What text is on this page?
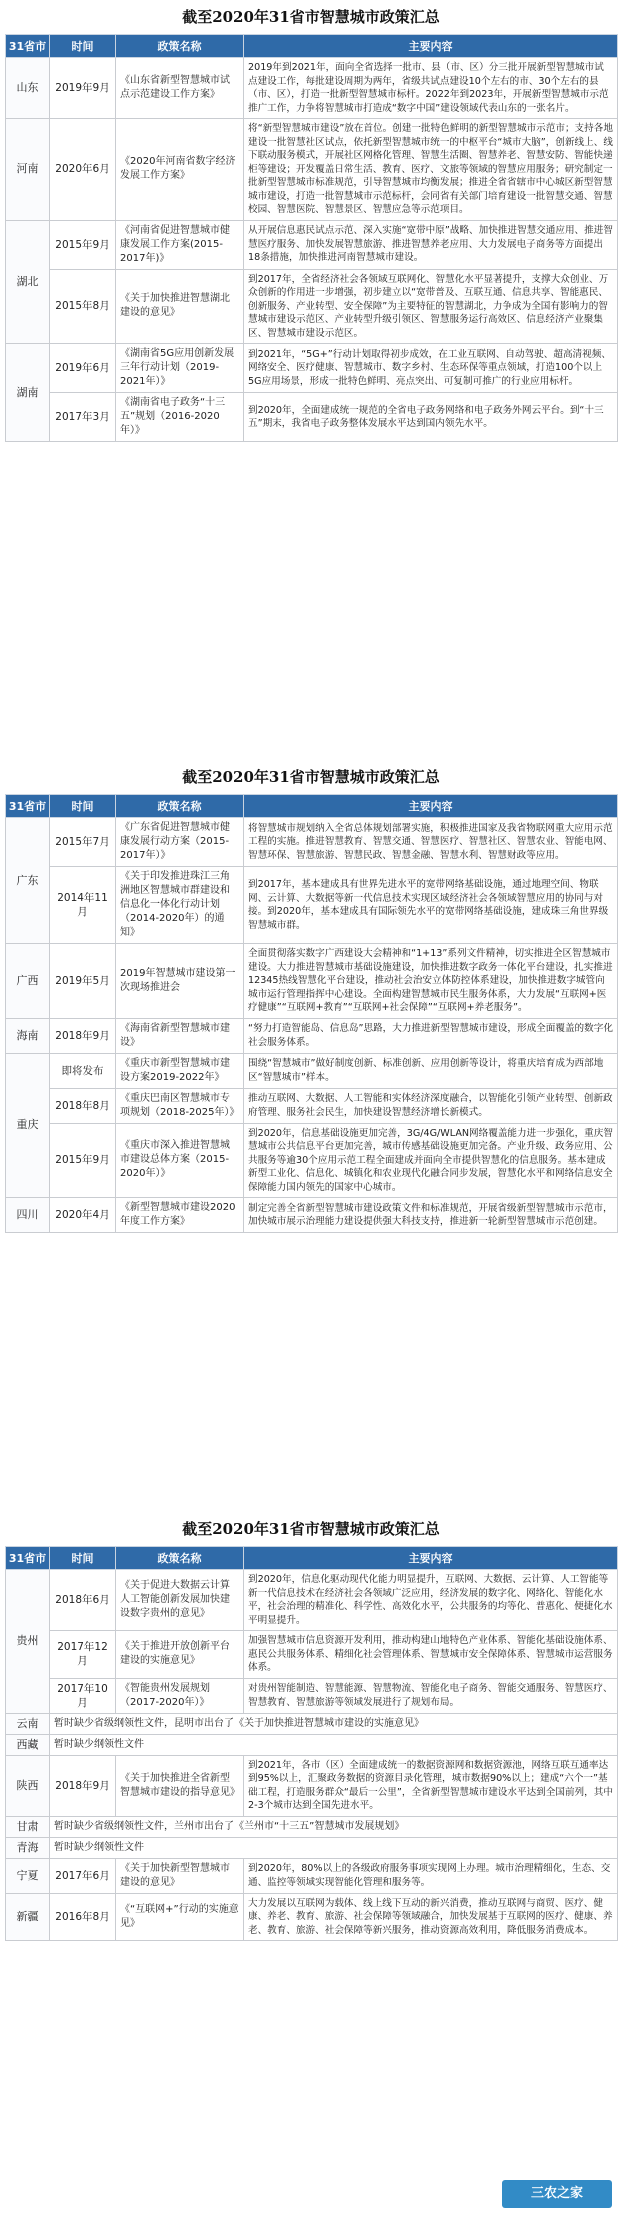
截至2020年31省市智慧城市政策汇总
31省市	时间	政策名称	主要内容
山东	2019年9月	《山东省新型智慧城市试点示范建设工作方案》	2019年到2021年，面向全省选择一批市、县（市、区）分三批开展新型智慧城市试点建设工作，每批建设周期为两年，省级共试点建设10个左右的市、30个左右的县（市、区），打造一批新型智慧城市标杆。2022年到2023年，开展新型智慧城市示范推广工作，力争将智慧城市打造成“数字中国”建设领域代表山东的一张名片。
河南	2020年6月	《2020年河南省数字经济发展工作方案》	将“新型智慧城市建设”放在首位。创建一批特色鲜明的新型智慧城市示范市；支持各地建设一批智慧社区试点，依托新型智慧城市统一的中枢平台“城市大脑”，创新线上、线下联动服务模式，开展社区网格化管理、智慧生活圈、智慧养老、智慧安防、智能快递柜等建设；开发覆盖日常生活、教育、医疗、文旅等领域的智慧应用服务；研究制定一批新型智慧城市标准规范，引导智慧城市均衡发展；推进全省省辖市中心城区新型智慧城市建设，打造一批智慧城市示范标杆，会同省有关部门培育建设一批智慧交通、智慧校园、智慧医院、智慧景区、智慧应急等示范项目。
湖北	2015年9月	《河南省促进智慧城市健康发展工作方案(2015-2017年)》	从开展信息惠民试点示范、深入实施“宽带中原”战略、加快推进智慧交通应用、推进智慧医疗服务、加快发展智慧旅游、推进智慧养老应用、大力发展电子商务等方面提出18条措施，加快推进河南智慧城市建设。
	2015年8月	《关于加快推进智慧湖北建设的意见》	到2017年，全省经济社会各领域互联网化、智慧化水平显著提升，支撑大众创业、万众创新的作用进一步增强，初步建立以“宽带普及、互联互通、信息共享、智能惠民、创新服务、产业转型、安全保障”为主要特征的智慧湖北，力争成为全国有影响力的智慧城市建设示范区、产业转型升级引领区、智慧服务运行高效区、信息经济产业聚集区、智慧城市建设示范区。
湖南	2019年6月	《湖南省5G应用创新发展三年行动计划（2019-2021年）》	到2021年，“5G+”行动计划取得初步成效，在工业互联网、自动驾驶、超高清视频、网络安全、医疗健康、智慧城市、数字乡村、生态环保等重点领域，打造100个以上5G应用场景，形成一批特色鲜明、亮点突出、可复制可推广的行业应用标杆。
	2017年3月	《湖南省电子政务“十三五”规划（2016-2020年）》	到2020年，全面建成统一规范的全省电子政务网络和电子政务外网云平台。到“十三五”期末，我省电子政务整体发展水平达到国内领先水平。
截至2020年31省市智慧城市政策汇总
31省市	时间	政策名称	主要内容
广东	2015年7月	《广东省促进智慧城市健康发展行动方案（2015-2017年）》	将智慧城市规划纳入全省总体规划部署实施，积极推进国家及我省物联网重大应用示范工程的实施。推进智慧教育、智慧交通、智慧医疗、智慧社区、智慧农业、智能电网、智慧环保、智慧旅游、智慧民政、智慧金融、智慧水利、智慧财政等应用。
	2014年11月	《关于印发推进珠江三角洲地区智慧城市群建设和信息化一体化行动计划（2014-2020年）的通知》	到2017年，基本建成具有世界先进水平的宽带网络基础设施，通过地理空间、物联网、云计算、大数据等新一代信息技术实现区域经济社会各领域智慧应用的协同与对接。到2020年，基本建成具有国际领先水平的宽带网络基础设施，建成珠三角世界级智慧城市群。
广西	2019年5月	2019年智慧城市建设第一次现场推进会	全面贯彻落实数字广西建设大会精神和“1+13”系列文件精神，切实推进全区智慧城市建设。大力推进智慧城市基础设施建设，加快推进数字政务一体化平台建设，扎实推进12345热线智慧化平台建设，推动社会治安立体防控体系建设，加快推进数字城管向城市运行管理指挥中心建设。全面构建智慧城市民生服务体系，大力发展“互联网+医疗健康”“互联网+教育”“互联网+社会保障”“互联网+养老服务”。
海南	2018年9月	《海南省新型智慧城市建设》	“努力打造智能岛、信息岛”思路，大力推进新型智慧城市建设，形成全面覆盖的数字化社会服务体系。
重庆	即将发布	《重庆市新型智慧城市建设方案2019-2022年》	围绕“智慧城市”做好制度创新、标准创新、应用创新等设计，将重庆培育成为西部地区“智慧城市”样本。
	2018年8月	《重庆巴南区智慧城市专项规划（2018-2025年）》	推动互联网、大数据、人工智能和实体经济深度融合，以智能化引领产业转型、创新政府管理、服务社会民生，加快建设智慧经济增长新模式。
	2015年9月	《重庆市深入推进智慧城市建设总体方案（2015-2020年）》	到2020年，信息基础设施更加完善，3G/4G/WLAN网络覆盖能力进一步强化，重庆智慧城市公共信息平台更加完善，城市传感基础设施更加完备。产业升级、政务应用、公共服务等逾30个应用示范工程全面建成并面向全市提供智慧化的信息服务。基本建成新型工业化、信息化、城镇化和农业现代化融合同步发展，智慧化水平和网络信息安全保障能力国内领先的国家中心城市。
四川	2020年4月	《新型智慧城市建设2020年度工作方案》	制定完善全省新型智慧城市建设政策文件和标准规范，开展省级新型智慧城市示范市，加快城市展示治理能力建设提供强大科技支持，推进新一轮新型智慧城市示范创建。
截至2020年31省市智慧城市政策汇总
31省市	时间	政策名称	主要内容
贵州	2018年6月	《关于促进大数据云计算人工智能创新发展加快建设数字贵州的意见》	到2020年，信息化驱动现代化能力明显提升，互联网、大数据、云计算、人工智能等新一代信息技术在经济社会各领域广泛应用，经济发展的数字化、网络化、智能化水平，社会治理的精准化、科学性、高效化水平，公共服务的均等化、普惠化、便捷化水平明显提升。
	2017年12月	《关于推进开放创新平台建设的实施意见》	加强智慧城市信息资源开发利用，推动构建山地特色产业体系、智能化基础设施体系、惠民公共服务体系、精细化社会管理体系、智慧城市安全保障体系、智慧城市运营服务体系。
	2017年10月	《智能贵州发展规划（2017-2020年）》	对贵州智能制造、智慧能源、智慧物流、智能化电子商务、智能交通服务、智慧医疗、智慧教育、智慧旅游等领域发展进行了规划布局。
云南	暂时缺少省级纲领性文件，昆明市出台了《关于加快推进智慧城市建设的实施意见》		
西藏	暂时缺少纲领性文件		
陕西	2018年9月	《关于加快推进全省新型智慧城市建设的指导意见》	到2021年，各市（区）全面建成统一的数据资源网和数据资源池，网络互联互通率达到95%以上，汇聚政务数据的资源目录化管理，城市数据90%以上；建成“六个一”基础工程，打造服务群众“最后一公里”，全省新型智慧城市建设水平达到全国前列，其中2-3个城市达到全国先进水平。
甘肃	暂时缺少省级纲领性文件，兰州市出台了《兰州市“十三五”智慧城市发展规划》		
青海	暂时缺少纲领性文件		
宁夏	2017年6月	《关于加快新型智慧城市建设的意见》	到2020年，80%以上的各级政府服务事项实现网上办理。城市治理精细化，生态、交通、监控等领域实现智能化管理和服务等。
新疆	2016年8月	《“互联网+”行动的实施意见》	大力发展以互联网为载体、线上线下互动的新兴消费，推动互联网与商贸、医疗、健康、养老、教育、旅游、社会保障等领域融合，加快发展基于互联网的医疗、健康、养老、教育、旅游、社会保障等新兴服务，推动资源高效利用，降低服务消费成本。
三农之家
